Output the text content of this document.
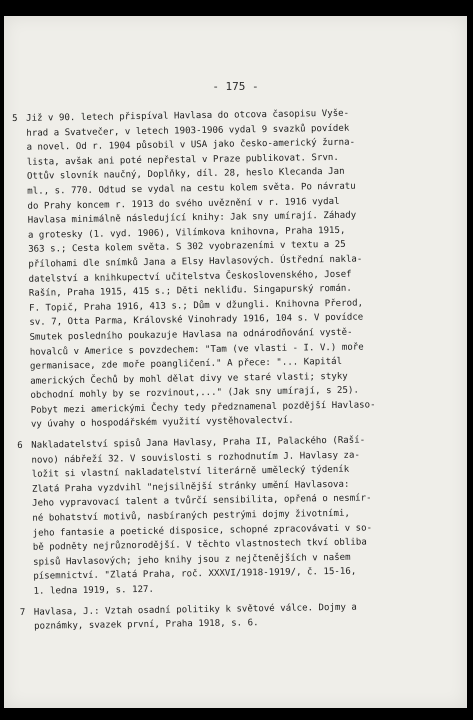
- 175 -
5 Již v 90. letech přispíval Havlasa do otcova časopisu Vyše-
hrad a Svatvečer, v letech 1903-1906 vydal 9 svazků povídek
a novel. Od r. 1904 působil v USA jako česko-americký žurna-
lista, avšak ani poté nepřestal v Praze publikovat. Srvn.
Ottův slovník naučný, Doplňky, díl. 28, heslo Klecanda Jan
ml., s. 770. Odtud se vydal na cestu kolem světa. Po návratu
do Prahy koncem r. 1913 do svého uvěznění v r. 1916 vydal
Havlasa minimálně následující knihy: Jak sny umírají. Záhady
a grotesky (1. vyd. 1906), Vilímkova knihovna, Praha 1915,
363 s.; Cesta kolem světa. S 302 vyobrazeními v textu a 25
přílohami dle snímků Jana a Elsy Havlasových. Ústřední nakla-
datelství a knihkupectví učitelstva Československého, Josef
Rašín, Praha 1915, 415 s.; Děti nekliđu. Singapurský román.
F. Topič, Praha 1916, 413 s.; Dům v džungli. Knihovna Přerod,
sv. 7, Otta Parma, Královské Vinohrady 1916, 104 s. V povídce
Smutek posledního poukazuje Havlasa na odnárodňování vystě-
hovalců v Americe s povzdechem: "Tam (ve vlasti - I. V.) moře
germanisace, zde moře poangličení." A přece: "... Kapitál
amerických Čechů by mohl dělat divy ve staré vlasti; styky
obchodní mohly by se rozvinout,..." (Jak sny umírají, s 25).
Pobyt mezi americkými Čechy tedy předznamenal pozdější Havlaso-
vy úvahy o hospodářském využití vystěhovalectví.
6 Nakladatelství spisů Jana Havlasy, Praha II, Palackého (Raší-
novo) nábřeží 32. V souvislosti s rozhodnutím J. Havlasy za-
ložit si vlastní nakladatelství literárně umělecký týdeník
Zlatá Praha vyzdvihl "nejsilnější stránky umění Havlasova:
Jeho vypravovací talent a tvůrčí sensibilita, opřená o nesmír-
né bohatství motivů, nasbíraných pestrými dojmy životními,
jeho fantasie a poetické disposice, schopné zpracovávati v so-
bě podněty nejrůznorodější. V těchto vlastnostech tkví obliba
spisů Havlasových; jeho knihy jsou z nejčtenějších v našem
písemnictví. "Zlatá Praha, roč. XXXVI/1918-1919/, č. 15-16,
1. ledna 1919, s. 127.
7 Havlasa, J.: Vztah osadní politiky k světové válce. Dojmy a
poznámky, svazek první, Praha 1918, s. 6.
